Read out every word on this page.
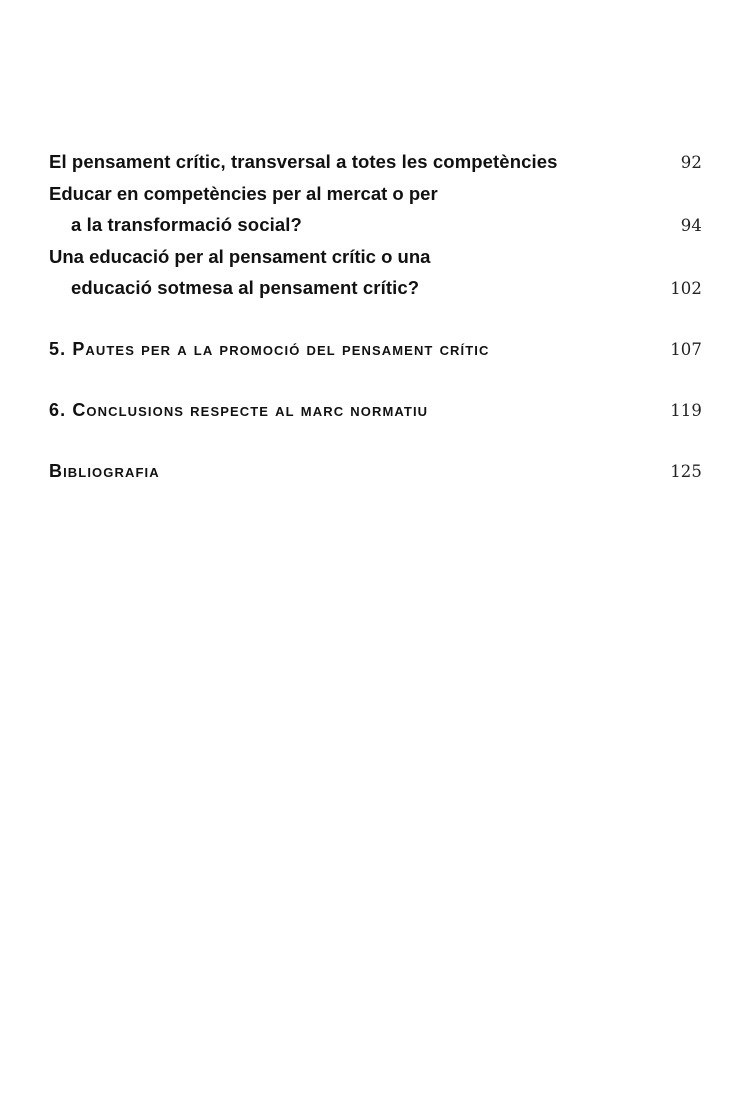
El pensament crític, transversal a totes les competències	92
Educar en competències per al mercat o per
a la transformació social?	94
Una educació per al pensament crític o una
educació sotmesa al pensament crític?	102
5. Pautes per a la promoció del pensament crític	107
6. Conclusions respecte al marc normatiu	119
Bibliografia	125
